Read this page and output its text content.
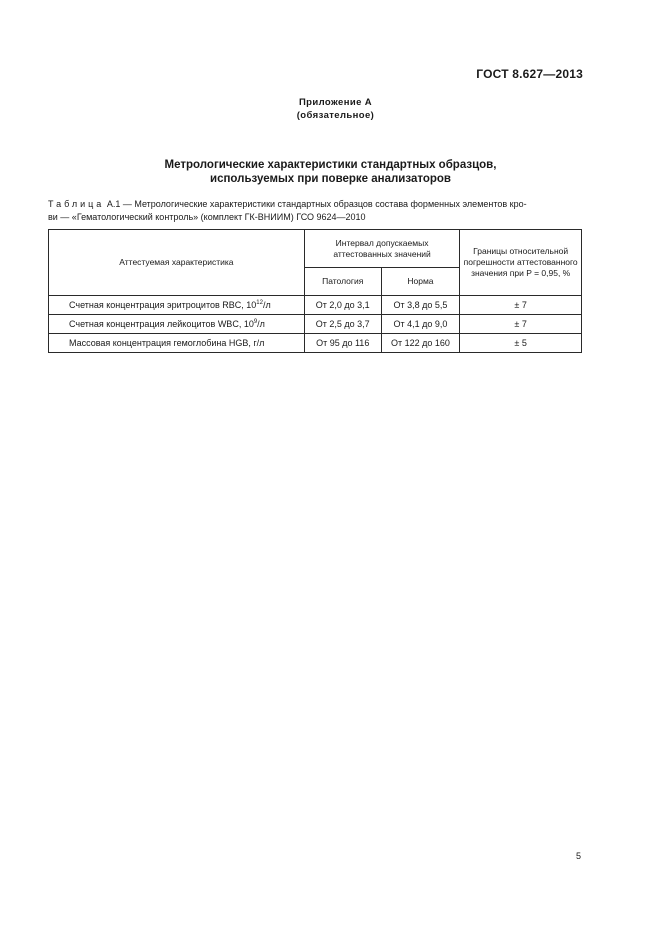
ГОСТ 8.627—2013
Приложение А
(обязательное)
Метрологические характеристики стандартных образцов,
используемых при поверке анализаторов
Таблица А.1 — Метрологические характеристики стандартных образцов состава форменных элементов кро-
ви — «Гематологический контроль» (комплект ГК-ВНИИМ) ГСО 9624—2010
Аттестуемая характеристика	Интервал допускаемых аттестованных значений		Границы относительной погрешности аттестованного значения при P = 0,95, %
	Патология	Норма	
Счетная концентрация эритроцитов RBC, $10^{12}/л$	От 2,0 до 3,1	От 3,8 до 5,5	± 7
Счетная концентрация лейкоцитов WBC, $10^9/л$	От 2,5 до 3,7	От 4,1 до 9,0	± 7
Массовая концентрация гемоглобина HGB, г/л	От 95 до 116	От 122 до 160	± 5
5
